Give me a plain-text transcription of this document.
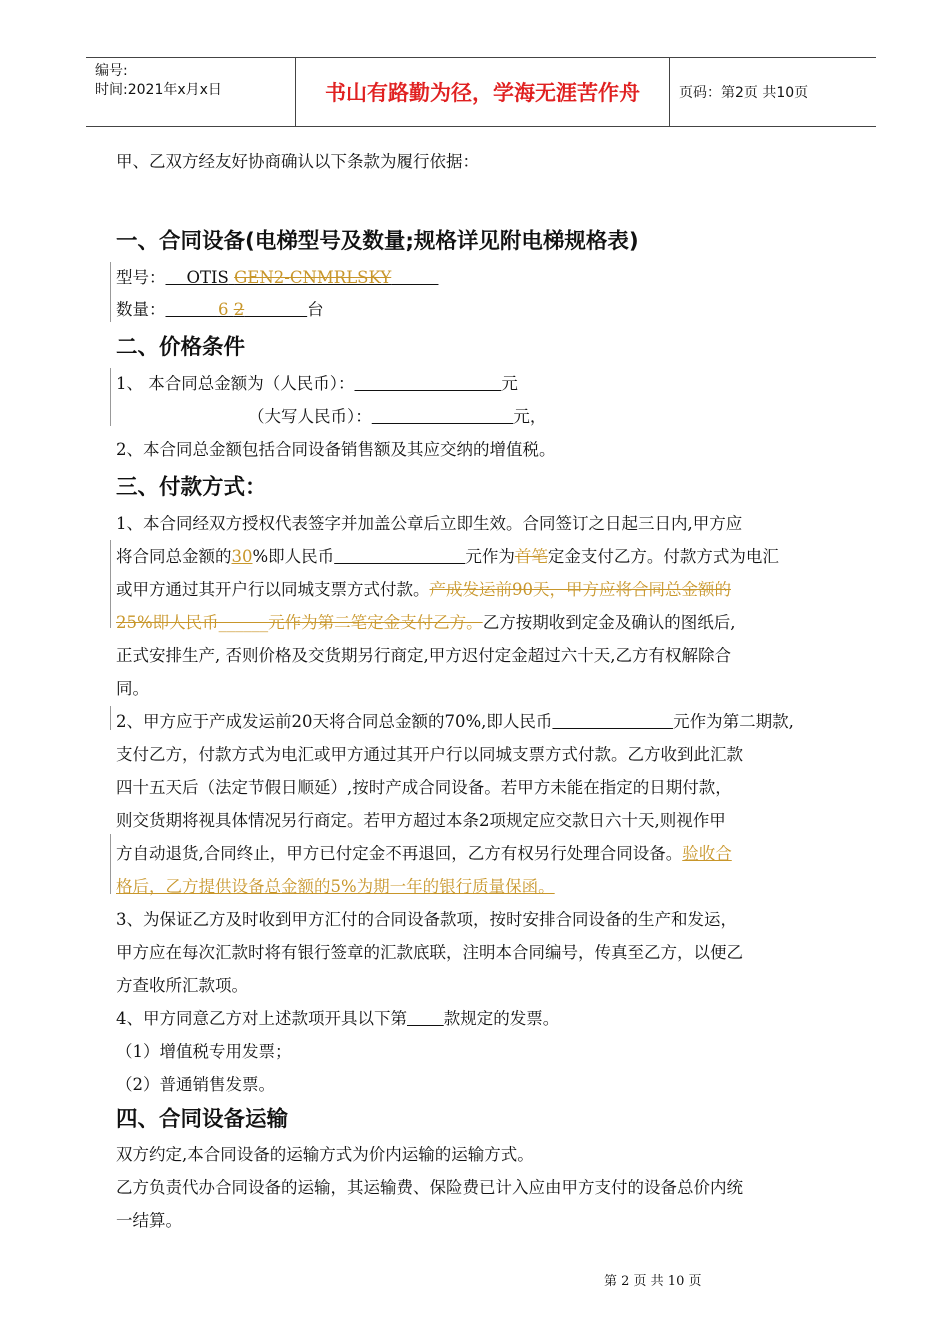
编号:
时间:2021年x月x日	书山有路勤为径，学海无涯苦作舟	页码：第2页 共10页
甲、乙双方经友好协商确认以下条款为履行依据：
一、合同设备(电梯型号及数量;规格详见附电梯规格表)
型号： OTIS GEN2-CNMRLSKY
数量：	6 2	台
二、价格条件
1、 本合同总金额为（人民币）：	元
（大写人民币）：	元，
2、本合同总金额包括合同设备销售额及其应交纳的增值税。
三、付款方式：
1、本合同经双方授权代表签字并加盖公章后立即生效。合同签订之日起三日内,甲方应
将合同总金额的30%即人民币	元作为首笔定金支付乙方。付款方式为电汇
或甲方通过其开户行以同城支票方式付款。产成发运前90天，甲方应将合同总金额的
25%即人民币______元作为第二笔定金支付乙方。乙方按期收到定金及确认的图纸后,
正式安排生产, 否则价格及交货期另行商定,甲方迟付定金超过六十天,乙方有权解除合
同。
2、甲方应于产成发运前20天将合同总金额的70%,即人民币	元作为第二期款,
支付乙方，付款方式为电汇或甲方通过其开户行以同城支票方式付款。乙方收到此汇款
四十五天后（法定节假日顺延）,按时产成合同设备。若甲方未能在指定的日期付款，
则交货期将视具体情况另行商定。若甲方超过本条2项规定应交款日六十天,则视作甲
方自动退货,合同终止，甲方已付定金不再退回，乙方有权另行处理合同设备。验收合
格后，乙方提供设备总金额的5%为期一年的银行质量保函。
3、为保证乙方及时收到甲方汇付的合同设备款项，按时安排合同设备的生产和发运，
甲方应在每次汇款时将有银行签章的汇款底联，注明本合同编号，传真至乙方，以便乙
方查收所汇款项。
4、甲方同意乙方对上述款项开具以下第 款规定的发票。
（1）增值税专用发票；
（2）普通销售发票。
四、合同设备运输
双方约定,本合同设备的运输方式为价内运输的运输方式。
乙方负责代办合同设备的运输，其运输费、保险费已计入应由甲方支付的设备总价内统
一结算。
第 2 页 共 10 页
